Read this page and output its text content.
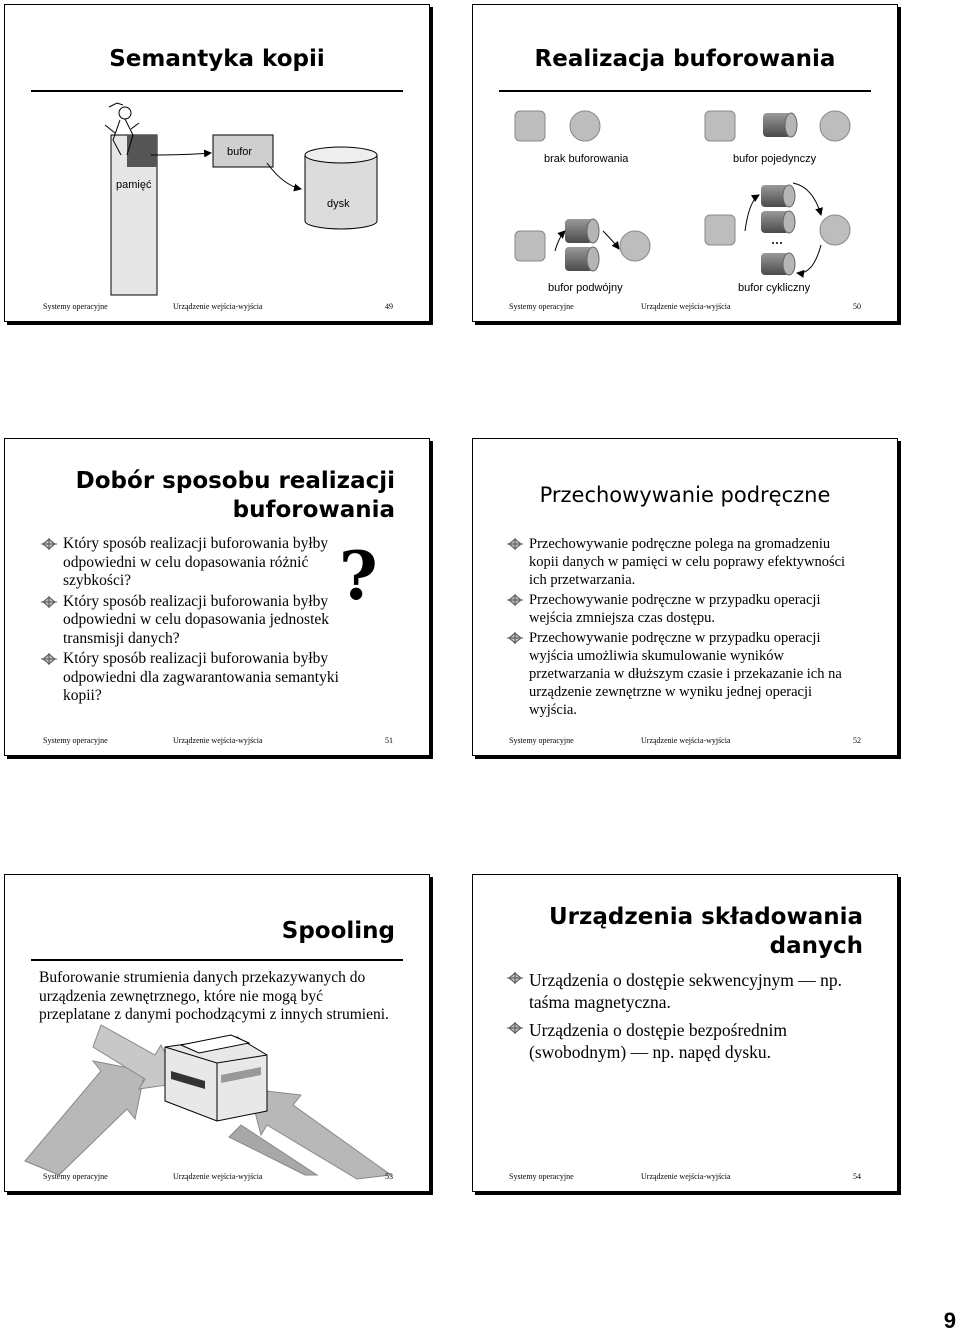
Semantyka kopii
bufor
pamięć
dysk
Systemy operacyjne	Urządzenie wejścia-wyjścia	49
Realizacja buforowania
brak buforowania	bufor pojedynczy
bufor podwójny	bufor cykliczny
Systemy operacyjne	Urządzenie wejścia-wyjścia	50
Dobór sposobu realizacji
buforowania
Który sposób realizacji buforowania byłby odpowiedni w celu dopasowania różnić szybkości?
Który sposób realizacji buforowania byłby odpowiedni w celu dopasowania jednostek transmisji danych?
Który sposób realizacji buforowania byłby odpowiedni dla zagwarantowania semantyki kopii?
?
Systemy operacyjne	Urządzenie wejścia-wyjścia	51
Przechowywanie podręczne
Przechowywanie podręczne polega na gromadzeniu kopii danych w pamięci w celu poprawy efektywności ich przetwarzania.
Przechowywanie podręczne w przypadku operacji wejścia zmniejsza czas dostępu.
Przechowywanie podręczne w przypadku operacji wyjścia umożliwia skumulowanie wyników przetwarzania w dłuższym czasie i przekazanie ich na urządzenie zewnętrzne w wyniku jednej operacji wyjścia.
Systemy operacyjne	Urządzenie wejścia-wyjścia	52
Spooling
Buforowanie strumienia danych przekazywanych do urządzenia zewnętrznego, które nie mogą być przeplatane z danymi pochodzącymi z innych strumieni.
Systemy operacyjne	Urządzenie wejścia-wyjścia	53
Urządzenia składowania
danych
Urządzenia o dostępie sekwencyjnym — np. taśma magnetyczna.
Urządzenia o dostępie bezpośrednim (swobodnym) — np. napęd dysku.
Systemy operacyjne	Urządzenie wejścia-wyjścia	54
9
